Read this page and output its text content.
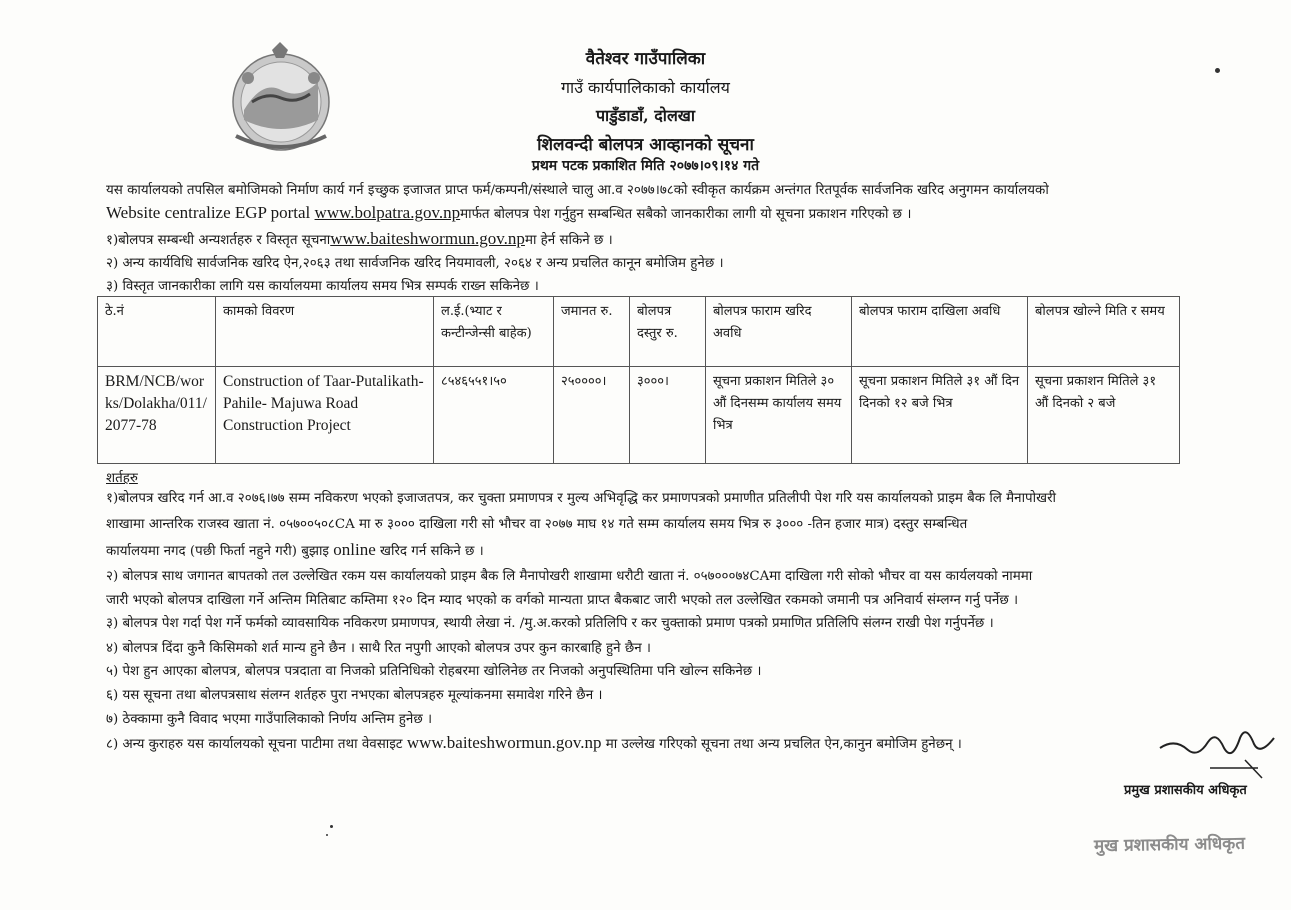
वैतेश्वर गाउँपालिका
गाउँ कार्यपालिकाको कार्यालय
पाडुँडाडाँ, दोलखा
शिलवन्दी बोलपत्र आव्हानको सूचना
प्रथम पटक प्रकाशित मिति २०७७।०९।१४ गते
यस कार्यालयको तपसिल बमोजिमको निर्माण कार्य गर्न इच्छुक इजाजत प्राप्त फर्म/कम्पनी/संस्थाले चालु आ.व २०७७।७८को स्वीकृत कार्यक्रम अन्तंगत रितपूर्वक सार्वजनिक खरिद अनुगमन कार्यालयको
Website centralize EGP portal www.bolpatra.gov.npमार्फत बोलपत्र पेश गर्नुहुन सम्बन्धित सबैको जानकारीका लागी यो सूचना प्रकाशन गरिएको छ ।
१)बोलपत्र सम्बन्धी अन्यशर्तहरु र विस्तृत सूचनाwww.baiteshwormun.gov.npमा हेर्न सकिने छ ।
२) अन्य कार्यविधि सार्वजनिक खरिद ऐन,२०६३ तथा सार्वजनिक खरिद नियमावली, २०६४ र अन्य प्रचलित कानून बमोजिम हुनेछ ।
३) विस्तृत जानकारीका लागि यस कार्यालयमा कार्यालय समय भित्र सम्पर्क राख्न सकिनेछ ।
ठे.नं	कामको विवरण	ल.ई.(भ्याट र कन्टीन्जेन्सी बाहेक)	जमानत रु.	बोलपत्र दस्तुर रु.	बोलपत्र फाराम खरिद अवधि	बोलपत्र फाराम दाखिला अवधि	बोलपत्र खोल्ने मिति र समय
BRM/NCB/works/Dolakha/011/2077-78	Construction of Taar-Putalikath- Pahile- Majuwa Road Construction Project	८५४६५५१।५०	२५००००।	३०००।	सूचना प्रकाशन मितिले ३० औं दिनसम्म कार्यालय समय भित्र	सूचना प्रकाशन मितिले ३१ औं दिन दिनको १२ बजे भित्र	सूचना प्रकाशन मितिले ३१ औं दिनको २ बजे
शर्तहरु
१)बोलपत्र खरिद गर्न आ.व २०७६।७७ सम्म नविकरण भएको इजाजतपत्र, कर चुक्ता प्रमाणपत्र र मुल्य अभिवृद्धि कर प्रमाणपत्रको प्रमाणीत प्रतिलीपी पेश गरि यस कार्यालयको प्राइम बैक लि मैनापोखरी
शाखामा आन्तरिक राजस्व खाता नं. ०५७००५०८CA मा रु ३००० दाखिला गरी सो भौचर वा २०७७ माघ १४ गते सम्म कार्यालय समय भित्र रु ३००० -तिन हजार मात्र) दस्तुर सम्बन्धित
कार्यालयमा नगद (पछी फिर्ता नहुने गरी) बुझाइ online खरिद गर्न सकिने छ ।
२) बोलपत्र साथ जगानत बापतको तल उल्लेखित रकम यस कार्यालयको प्राइम बैक लि मैनापोखरी शाखामा धरौटी खाता नं. ०५७०००७४CAमा दाखिला गरी सोको भौचर वा यस कार्यलयको नाममा
जारी भएको बोलपत्र दाखिला गर्ने अन्तिम मितिबाट कम्तिमा १२० दिन म्याद भएको क वर्गको मान्यता प्राप्त बैकबाट जारी भएको तल उल्लेखित रकमको जमानी पत्र अनिवार्य संम्लग्न गर्नु पर्नेछ ।
३) बोलपत्र पेश गर्दा पेश गर्ने फर्मको व्यावसायिक नविकरण प्रमाणपत्र, स्थायी लेखा नं. /मु.अ.करको प्रतिलिपि र कर चुक्ताको प्रमाण पत्रको प्रमाणित प्रतिलिपि संलग्न राखी पेश गर्नुपर्नेछ ।
४) बोलपत्र दिंदा कुनै किसिमको शर्त मान्य हुने छैन । साथै रित नपुगी आएको बोलपत्र उपर कुन कारबाहि हुने छैन ।
५) पेश हुन आएका बोलपत्र, बोलपत्र पत्रदाता वा निजको प्रतिनिधिको रोहबरमा खोलिनेछ तर निजको अनुपस्थितिमा पनि खोल्न सकिनेछ ।
६) यस सूचना तथा बोलपत्रसाथ संलग्न शर्तहरु पुरा नभएका बोलपत्रहरु मूल्यांकनमा समावेश गरिने छैन ।
७) ठेक्कामा कुनै विवाद भएमा गाउँपालिकाको निर्णय अन्तिम हुनेछ ।
८) अन्य कुराहरु यस कार्यालयको सूचना पाटीमा तथा वेवसाइट www.baiteshwormun.gov.np मा उल्लेख गरिएको सूचना तथा अन्य प्रचलित ऐन,कानुन बमोजिम हुनेछन् ।
प्रमुख प्रशासकीय अधिकृत
मुख प्रशासकीय अधिकृत
